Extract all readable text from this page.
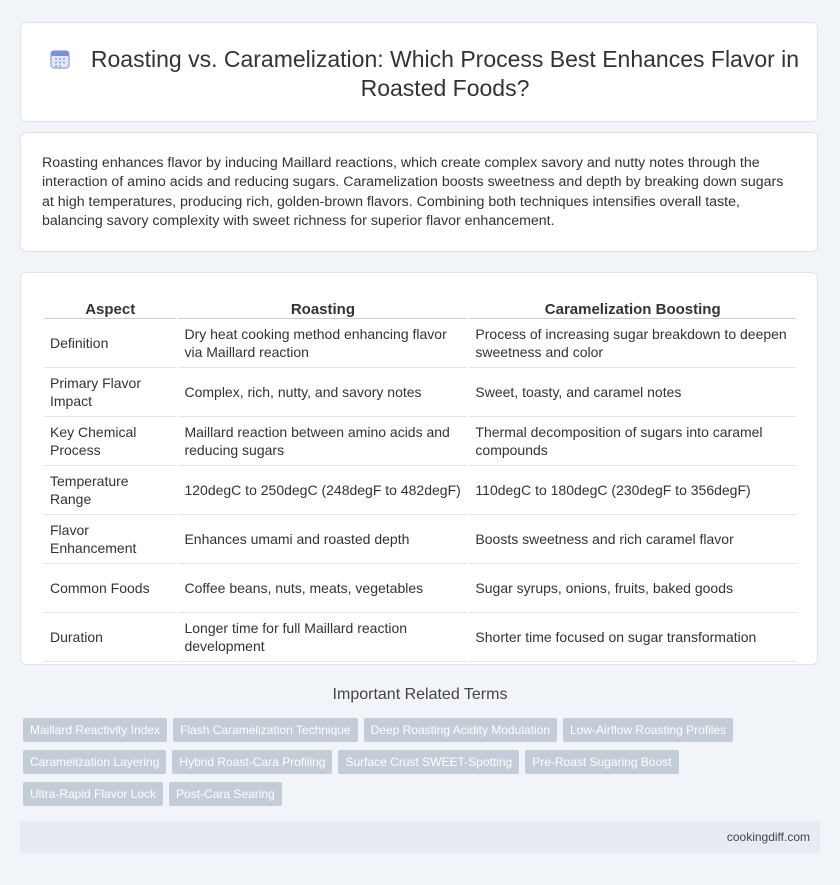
Roasting vs. Caramelization: Which Process Best Enhances Flavor in Roasted Foods?

Roasting enhances flavor by inducing Maillard reactions, which create complex savory and nutty notes through the interaction of amino acids and reducing sugars. Caramelization boosts sweetness and depth by breaking down sugars at high temperatures, producing rich, golden-brown flavors. Combining both techniques intensifies overall taste, balancing savory complexity with sweet richness for superior flavor enhancement.

Aspect	Roasting	Caramelization Boosting
Definition	Dry heat cooking method enhancing flavor via Maillard reaction	Process of increasing sugar breakdown to deepen sweetness and color
Primary Flavor Impact	Complex, rich, nutty, and savory notes	Sweet, toasty, and caramel notes
Key Chemical Process	Maillard reaction between amino acids and reducing sugars	Thermal decomposition of sugars into caramel compounds
Temperature Range	120degC to 250degC (248degF to 482degF)	110degC to 180degC (230degF to 356degF)
Flavor Enhancement	Enhances umami and roasted depth	Boosts sweetness and rich caramel flavor
Common Foods	Coffee beans, nuts, meats, vegetables	Sugar syrups, onions, fruits, baked goods
Duration	Longer time for full Maillard reaction development	Shorter time focused on sugar transformation
Important Related Terms
Maillard Reactivity Index Flash Caramelization Technique Deep Roasting Acidity Modulation Low-Airflow Roasting Profiles
Caramelization Layering Hybrid Roast-Cara Profiling Surface Crust SWEET-Spotting Pre-Roast Sugaring Boost
Ultra-Rapid Flavor Lock Post-Cara Searing
cookingdiff.com
